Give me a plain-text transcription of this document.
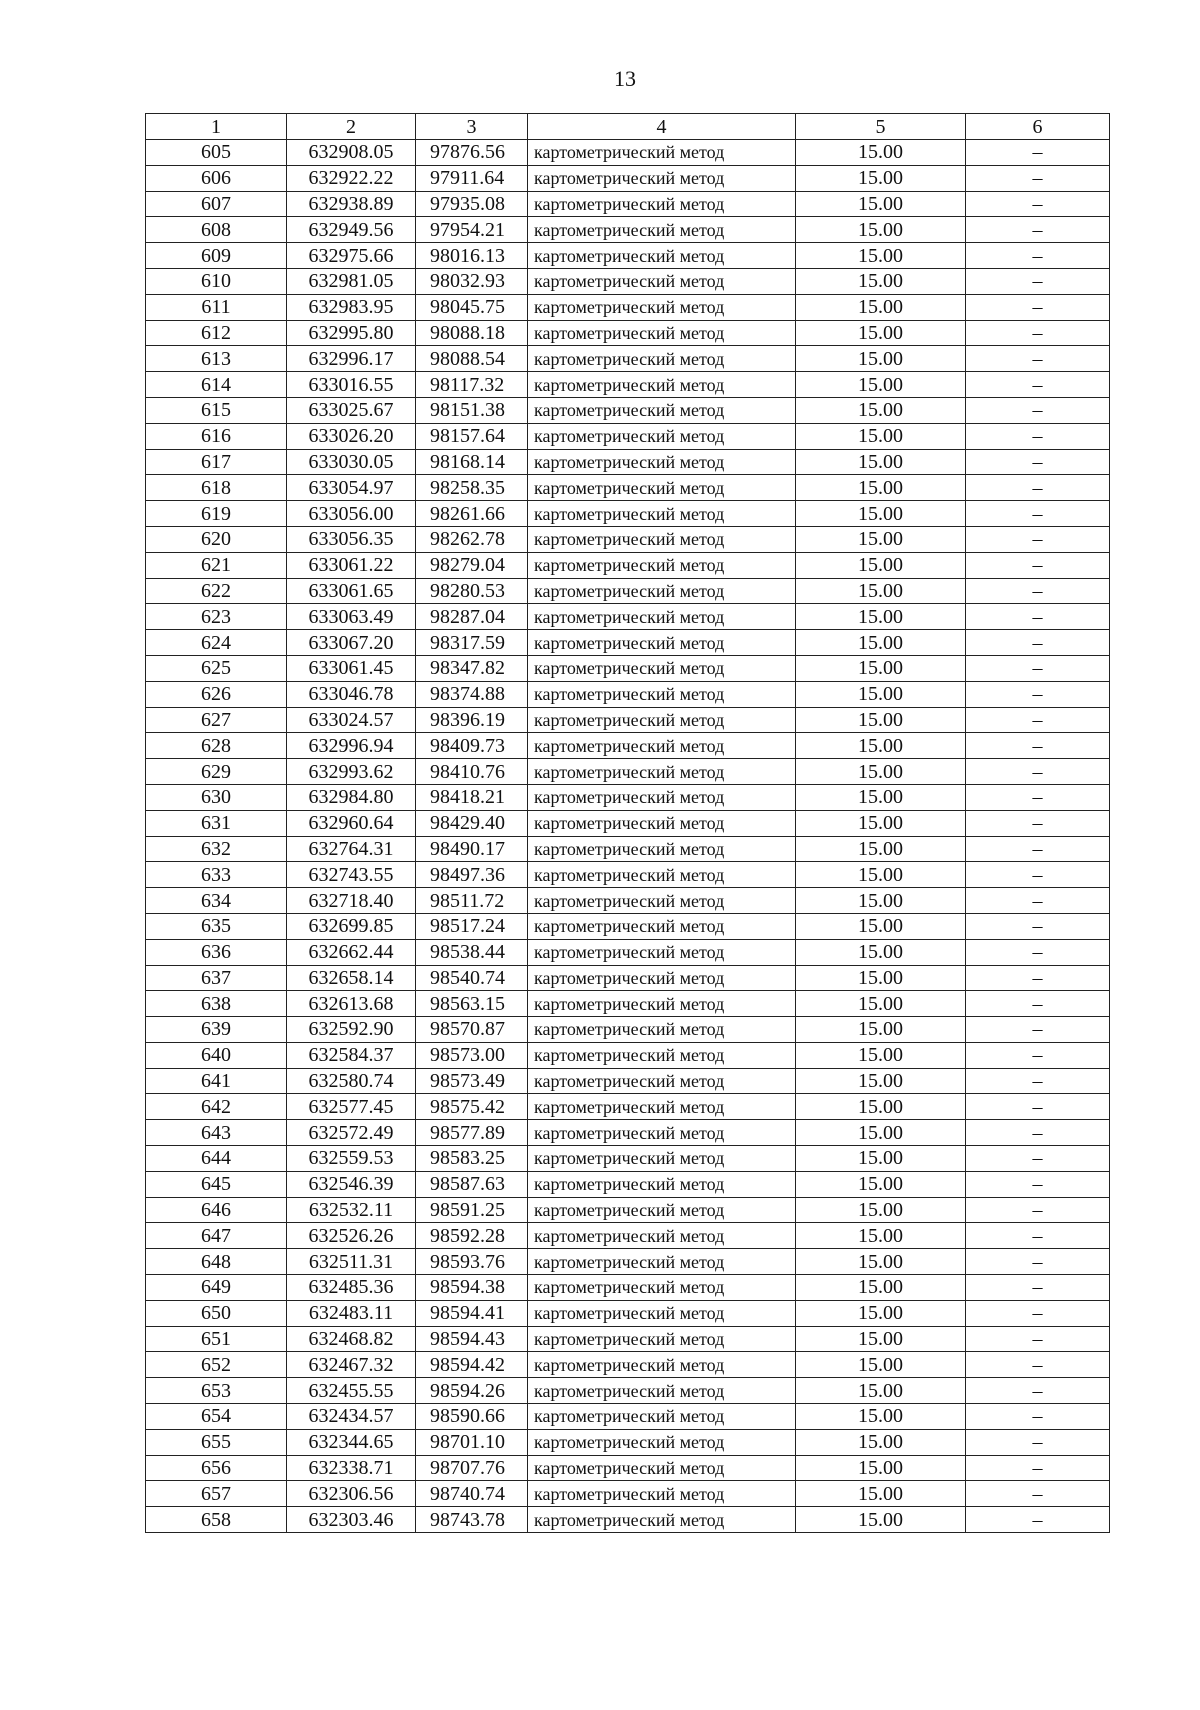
13
1	2	3	4	5	6
605	632908.05	97876.56	картометрический метод	15.00	–
606	632922.22	97911.64	картометрический метод	15.00	–
607	632938.89	97935.08	картометрический метод	15.00	–
608	632949.56	97954.21	картометрический метод	15.00	–
609	632975.66	98016.13	картометрический метод	15.00	–
610	632981.05	98032.93	картометрический метод	15.00	–
611	632983.95	98045.75	картометрический метод	15.00	–
612	632995.80	98088.18	картометрический метод	15.00	–
613	632996.17	98088.54	картометрический метод	15.00	–
614	633016.55	98117.32	картометрический метод	15.00	–
615	633025.67	98151.38	картометрический метод	15.00	–
616	633026.20	98157.64	картометрический метод	15.00	–
617	633030.05	98168.14	картометрический метод	15.00	–
618	633054.97	98258.35	картометрический метод	15.00	–
619	633056.00	98261.66	картометрический метод	15.00	–
620	633056.35	98262.78	картометрический метод	15.00	–
621	633061.22	98279.04	картометрический метод	15.00	–
622	633061.65	98280.53	картометрический метод	15.00	–
623	633063.49	98287.04	картометрический метод	15.00	–
624	633067.20	98317.59	картометрический метод	15.00	–
625	633061.45	98347.82	картометрический метод	15.00	–
626	633046.78	98374.88	картометрический метод	15.00	–
627	633024.57	98396.19	картометрический метод	15.00	–
628	632996.94	98409.73	картометрический метод	15.00	–
629	632993.62	98410.76	картометрический метод	15.00	–
630	632984.80	98418.21	картометрический метод	15.00	–
631	632960.64	98429.40	картометрический метод	15.00	–
632	632764.31	98490.17	картометрический метод	15.00	–
633	632743.55	98497.36	картометрический метод	15.00	–
634	632718.40	98511.72	картометрический метод	15.00	–
635	632699.85	98517.24	картометрический метод	15.00	–
636	632662.44	98538.44	картометрический метод	15.00	–
637	632658.14	98540.74	картометрический метод	15.00	–
638	632613.68	98563.15	картометрический метод	15.00	–
639	632592.90	98570.87	картометрический метод	15.00	–
640	632584.37	98573.00	картометрический метод	15.00	–
641	632580.74	98573.49	картометрический метод	15.00	–
642	632577.45	98575.42	картометрический метод	15.00	–
643	632572.49	98577.89	картометрический метод	15.00	–
644	632559.53	98583.25	картометрический метод	15.00	–
645	632546.39	98587.63	картометрический метод	15.00	–
646	632532.11	98591.25	картометрический метод	15.00	–
647	632526.26	98592.28	картометрический метод	15.00	–
648	632511.31	98593.76	картометрический метод	15.00	–
649	632485.36	98594.38	картометрический метод	15.00	–
650	632483.11	98594.41	картометрический метод	15.00	–
651	632468.82	98594.43	картометрический метод	15.00	–
652	632467.32	98594.42	картометрический метод	15.00	–
653	632455.55	98594.26	картометрический метод	15.00	–
654	632434.57	98590.66	картометрический метод	15.00	–
655	632344.65	98701.10	картометрический метод	15.00	–
656	632338.71	98707.76	картометрический метод	15.00	–
657	632306.56	98740.74	картометрический метод	15.00	–
658	632303.46	98743.78	картометрический метод	15.00	–
